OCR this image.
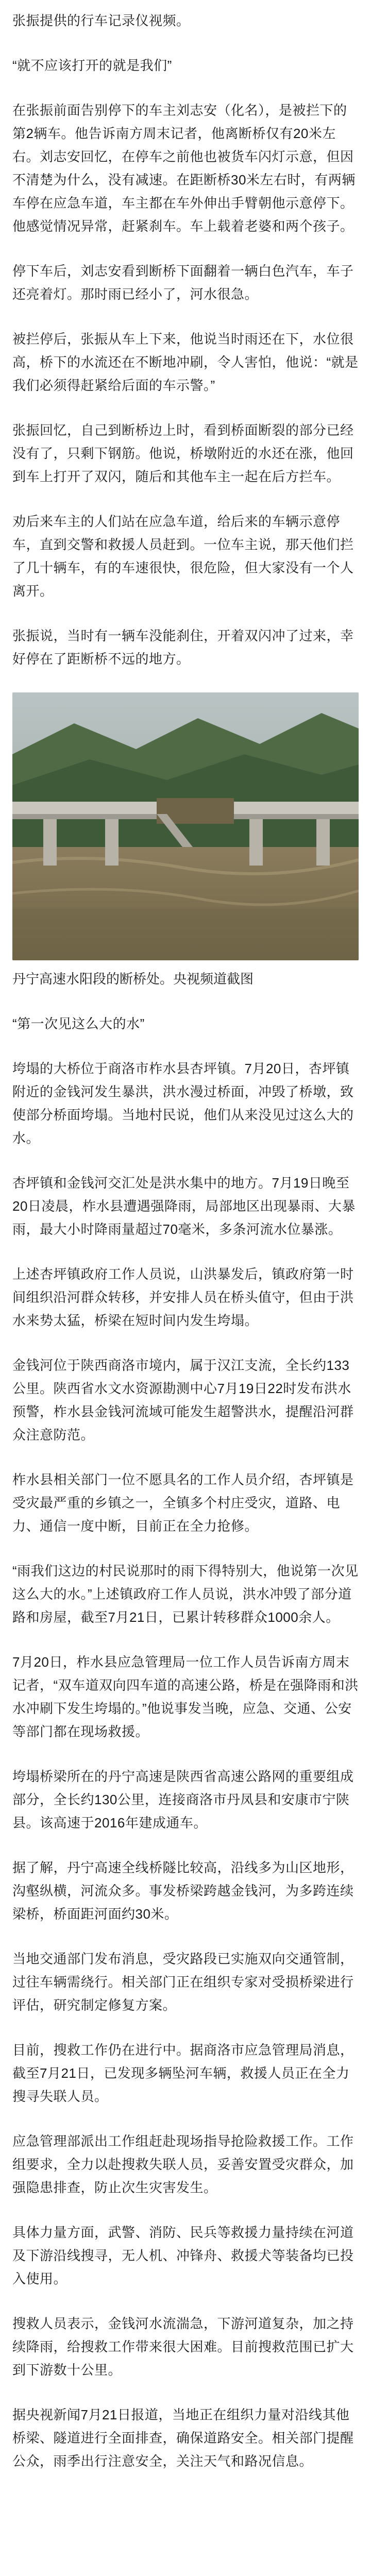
张振提供的行车记录仪视频。

“就不应该打开的就是我们”

在张振前面告别停下的车主刘志安（化名），是被拦下的第2辆车。他告诉南方周末记者，他离断桥仅有20米左右。刘志安回忆，在停车之前他也被货车闪灯示意，但因不清楚为什么，没有减速。在距断桥30米左右时，有两辆车停在应急车道，车主都在车外伸出手臂朝他示意停下。他感觉情况异常，赶紧刹车。车上载着老婆和两个孩子。

停下车后，刘志安看到断桥下面翻着一辆白色汽车，车子还亮着灯。那时雨已经小了，河水很急。

被拦停后，张振从车上下来，他说当时雨还在下，水位很高，桥下的水流还在不断地冲刷，令人害怕，他说：“就是我们必须得赶紧给后面的车示警。”

张振回忆，自己到断桥边上时，看到桥面断裂的部分已经没有了，只剩下钢筋。他说，桥墩附近的水还在涨，他回到车上打开了双闪，随后和其他车主一起在后方拦车。

劝后来车主的人们站在应急车道，给后来的车辆示意停车，直到交警和救援人员赶到。一位车主说，那天他们拦了几十辆车，有的车速很快，很危险，但大家没有一个人离开。

张振说，当时有一辆车没能刹住，开着双闪冲了过来，幸好停在了距断桥不远的地方。

丹宁高速水阳段的断桥处。央视频道截图

“第一次见这么大的水”

垮塌的大桥位于商洛市柞水县杏坪镇。7月20日，杏坪镇附近的金钱河发生暴洪，洪水漫过桥面，冲毁了桥墩，致使部分桥面垮塌。当地村民说，他们从来没见过这么大的水。

杏坪镇和金钱河交汇处是洪水集中的地方。7月19日晚至20日凌晨，柞水县遭遇强降雨，局部地区出现暴雨、大暴雨，最大小时降雨量超过70毫米，多条河流水位暴涨。

上述杏坪镇政府工作人员说，山洪暴发后，镇政府第一时间组织沿河群众转移，并安排人员在桥头值守，但由于洪水来势太猛，桥梁在短时间内发生垮塌。

金钱河位于陕西商洛市境内，属于汉江支流，全长约133公里。陕西省水文水资源勘测中心7月19日22时发布洪水预警，柞水县金钱河流域可能发生超警洪水，提醒沿河群众注意防范。

柞水县相关部门一位不愿具名的工作人员介绍，杏坪镇是受灾最严重的乡镇之一，全镇多个村庄受灾，道路、电力、通信一度中断，目前正在全力抢修。

“雨我们这边的村民说那时的雨下得特别大，他说第一次见这么大的水。”上述镇政府工作人员说，洪水冲毁了部分道路和房屋，截至7月21日，已累计转移群众1000余人。

7月20日，柞水县应急管理局一位工作人员告诉南方周末记者，“双车道双向四车道的高速公路，桥是在强降雨和洪水冲刷下发生垮塌的。”他说事发当晚，应急、交通、公安等部门都在现场救援。

垮塌桥梁所在的丹宁高速是陕西省高速公路网的重要组成部分，全长约130公里，连接商洛市丹凤县和安康市宁陕县。该高速于2016年建成通车。

据了解，丹宁高速全线桥隧比较高，沿线多为山区地形，沟壑纵横，河流众多。事发桥梁跨越金钱河，为多跨连续梁桥，桥面距河面约30米。

当地交通部门发布消息，受灾路段已实施双向交通管制，过往车辆需绕行。相关部门正在组织专家对受损桥梁进行评估，研究制定修复方案。

目前，搜救工作仍在进行中。据商洛市应急管理局消息，截至7月21日，已发现多辆坠河车辆，救援人员正在全力搜寻失联人员。

应急管理部派出工作组赶赴现场指导抢险救援工作。工作组要求，全力以赴搜救失联人员，妥善安置受灾群众，加强隐患排查，防止次生灾害发生。

具体力量方面，武警、消防、民兵等救援力量持续在河道及下游沿线搜寻，无人机、冲锋舟、救援犬等装备均已投入使用。

搜救人员表示，金钱河水流湍急，下游河道复杂，加之持续降雨，给搜救工作带来很大困难。目前搜救范围已扩大到下游数十公里。

据央视新闻7月21日报道，当地正在组织力量对沿线其他桥梁、隧道进行全面排查，确保道路安全。相关部门提醒公众，雨季出行注意安全，关注天气和路况信息。
